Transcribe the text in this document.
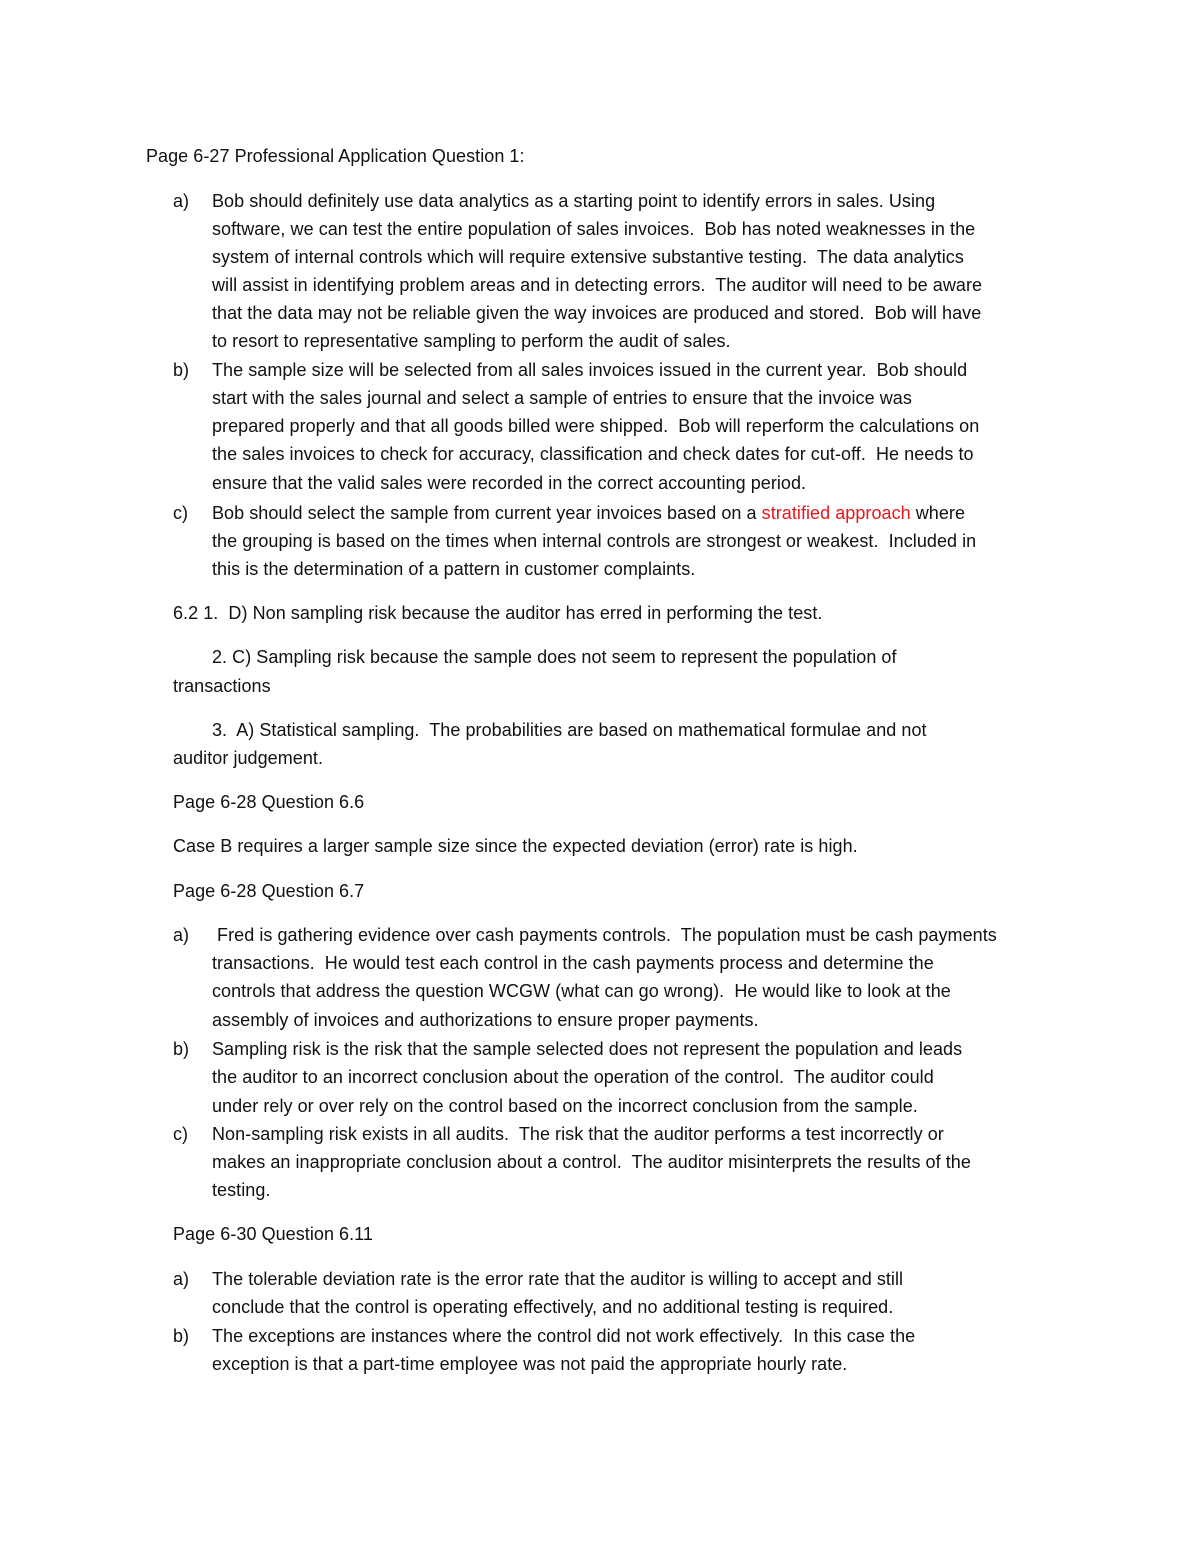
Page 6-27 Professional Application Question 1:
a) Bob should definitely use data analytics as a starting point to identify errors in sales. Using
software, we can test the entire population of sales invoices.  Bob has noted weaknesses in the
system of internal controls which will require extensive substantive testing.  The data analytics
will assist in identifying problem areas and in detecting errors.  The auditor will need to be aware
that the data may not be reliable given the way invoices are produced and stored.  Bob will have
to resort to representative sampling to perform the audit of sales.
b) The sample size will be selected from all sales invoices issued in the current year.  Bob should
start with the sales journal and select a sample of entries to ensure that the invoice was
prepared properly and that all goods billed were shipped.  Bob will reperform the calculations on
the sales invoices to check for accuracy, classification and check dates for cut-off.  He needs to
ensure that the valid sales were recorded in the correct accounting period.
c) Bob should select the sample from current year invoices based on a stratified approach where
the grouping is based on the times when internal controls are strongest or weakest.  Included in
this is the determination of a pattern in customer complaints.
6.2 1.  D) Non sampling risk because the auditor has erred in performing the test.
2. C) Sampling risk because the sample does not seem to represent the population of
transactions
3.  A) Statistical sampling.  The probabilities are based on mathematical formulae and not
auditor judgement.
Page 6-28 Question 6.6
Case B requires a larger sample size since the expected deviation (error) rate is high.
Page 6-28 Question 6.7
a) Fred is gathering evidence over cash payments controls.  The population must be cash payments
transactions.  He would test each control in the cash payments process and determine the
controls that address the question WCGW (what can go wrong).  He would like to look at the
assembly of invoices and authorizations to ensure proper payments.
b) Sampling risk is the risk that the sample selected does not represent the population and leads
the auditor to an incorrect conclusion about the operation of the control.  The auditor could
under rely or over rely on the control based on the incorrect conclusion from the sample.
c) Non-sampling risk exists in all audits.  The risk that the auditor performs a test incorrectly or
makes an inappropriate conclusion about a control.  The auditor misinterprets the results of the
testing.
Page 6-30 Question 6.11
a) The tolerable deviation rate is the error rate that the auditor is willing to accept and still
conclude that the control is operating effectively, and no additional testing is required.
b) The exceptions are instances where the control did not work effectively.  In this case the
exception is that a part-time employee was not paid the appropriate hourly rate.
